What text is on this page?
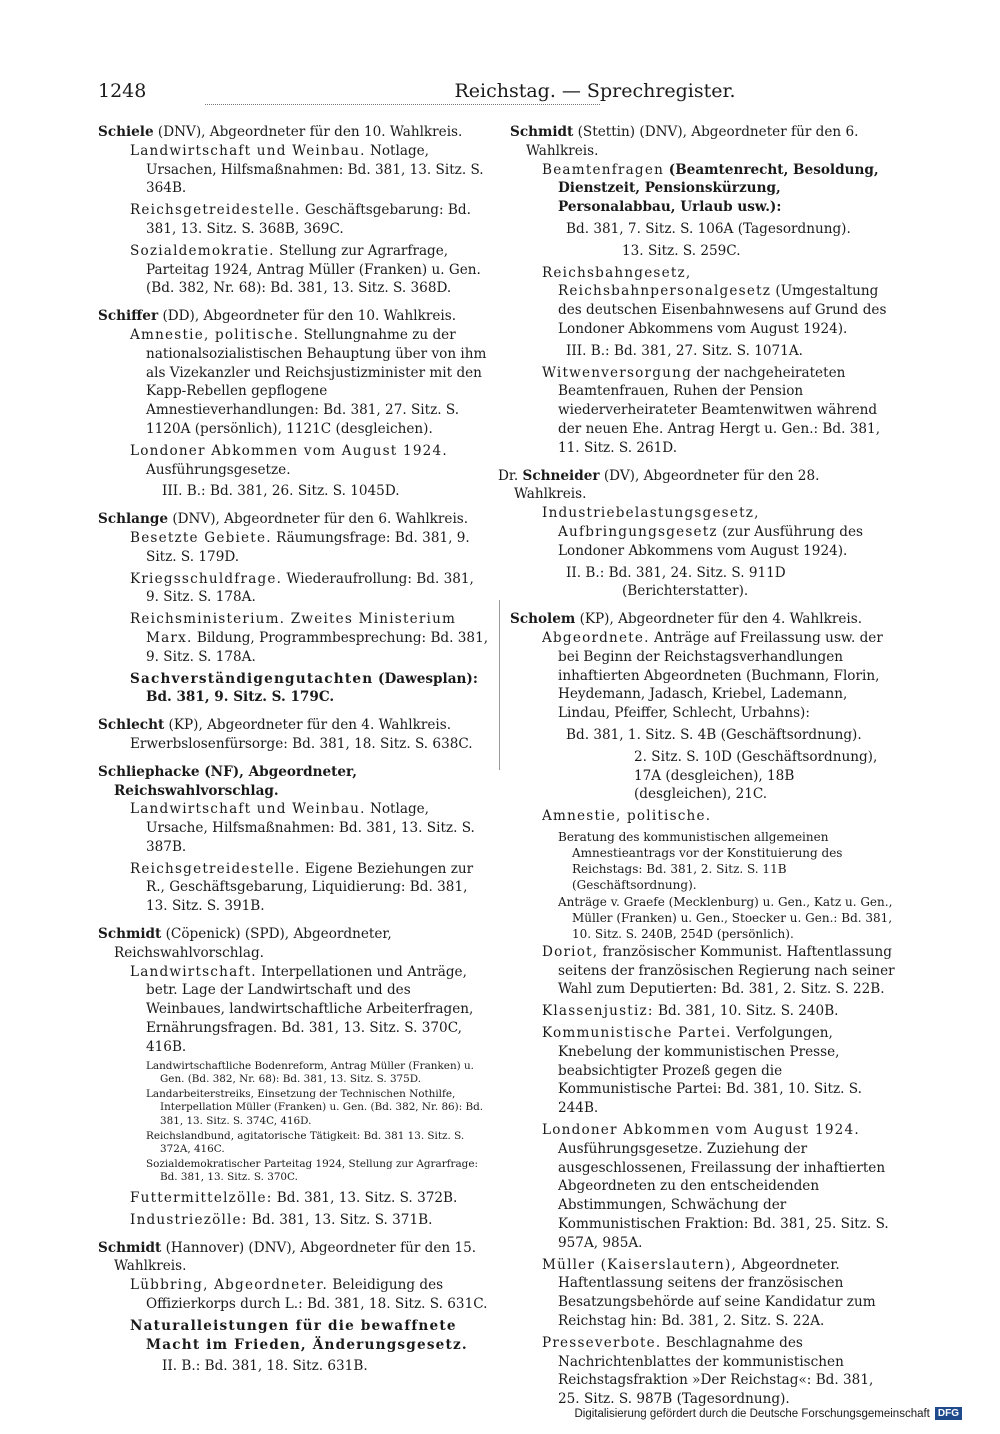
1248	Reichstag. — Sprechregister.

Schiele (DNV), Abgeordneter für den 10. Wahlkreis.

Landwirtschaft und Weinbau. Notlage, Ursachen, Hilfsmaßnahmen: Bd. 381, 13. Sitz. S. 364B.

Reichsgetreidestelle. Geschäftsgebarung: Bd. 381, 13. Sitz. S. 368B, 369C.

Sozialdemokratie. Stellung zur Agrarfrage, Parteitag 1924, Antrag Müller (Franken) u. Gen. (Bd. 382, Nr. 68): Bd. 381, 13. Sitz. S. 368D.

Schiffer (DD), Abgeordneter für den 10. Wahlkreis.

Amnestie, politische. Stellungnahme zu der nationalsozialistischen Behauptung über von ihm als Vizekanzler und Reichsjustizminister mit den Kapp-Rebellen gepflogene Amnestieverhandlungen: Bd. 381, 27. Sitz. S. 1120A (persönlich), 1121C (desgleichen).

Londoner Abkommen vom August 1924. Ausführungsgesetze.

III. B.: Bd. 381, 26. Sitz. S. 1045D.

Schlange (DNV), Abgeordneter für den 6. Wahlkreis.

Besetzte Gebiete. Räumungsfrage: Bd. 381, 9. Sitz. S. 179D.

Kriegsschuldfrage. Wiederaufrollung: Bd. 381, 9. Sitz. S. 178A.

Reichsministerium. Zweites Ministerium Marx. Bildung, Programmbesprechung: Bd. 381, 9. Sitz. S. 178A.

Sachverständigengutachten (Dawesplan): Bd. 381, 9. Sitz. S. 179C.

Schlecht (KP), Abgeordneter für den 4. Wahlkreis.

Erwerbslosenfürsorge: Bd. 381, 18. Sitz. S. 638C.

Schliephacke (NF), Abgeordneter, Reichswahlvorschlag.

Landwirtschaft und Weinbau. Notlage, Ursache, Hilfsmaßnahmen: Bd. 381, 13. Sitz. S. 387B.

Reichsgetreidestelle. Eigene Beziehungen zur R., Geschäftsgebarung, Liquidierung: Bd. 381, 13. Sitz. S. 391B.

Schmidt (Cöpenick) (SPD), Abgeordneter, Reichswahlvorschlag.

Landwirtschaft. Interpellationen und Anträge, betr. Lage der Landwirtschaft und des Weinbaues, landwirtschaftliche Arbeiterfragen, Ernährungsfragen. Bd. 381, 13. Sitz. S. 370C, 416B.

Landwirtschaftliche Bodenreform, Antrag Müller (Franken) u. Gen. (Bd. 382, Nr. 68): Bd. 381, 13. Sitz. S. 375D.

Landarbeiterstreiks, Einsetzung der Technischen Nothilfe, Interpellation Müller (Franken) u. Gen. (Bd. 382, Nr. 86): Bd. 381, 13. Sitz. S. 374C, 416D.

Reichslandbund, agitatorische Tätigkeit: Bd. 381 13. Sitz. S. 372A, 416C.

Sozialdemokratischer Parteitag 1924, Stellung zur Agrarfrage: Bd. 381, 13. Sitz. S. 370C.

Futtermittelzölle: Bd. 381, 13. Sitz. S. 372B.

Industriezölle: Bd. 381, 13. Sitz. S. 371B.

Schmidt (Hannover) (DNV), Abgeordneter für den 15. Wahlkreis.

Lübbring, Abgeordneter. Beleidigung des Offizierkorps durch L.: Bd. 381, 18. Sitz. S. 631C.

Naturalleistungen für die bewaffnete Macht im Frieden, Änderungsgesetz.

II. B.: Bd. 381, 18. Sitz. 631B.

Schmidt (Stettin) (DNV), Abgeordneter für den 6. Wahlkreis.

Beamtenfragen (Beamtenrecht, Besoldung, Dienstzeit, Pensionskürzung, Personalabbau, Urlaub usw.):

Bd. 381, 7. Sitz. S. 106A (Tagesordnung).

13. Sitz. S. 259C.

Reichsbahngesetz, Reichsbahnpersonalgesetz (Umgestaltung des deutschen Eisenbahnwesens auf Grund des Londoner Abkommens vom August 1924).

III. B.: Bd. 381, 27. Sitz. S. 1071A.

Witwenversorgung der nachgeheirateten Beamtenfrauen, Ruhen der Pension wiederverheirateter Beamtenwitwen während der neuen Ehe. Antrag Hergt u. Gen.: Bd. 381, 11. Sitz. S. 261D.

Dr. Schneider (DV), Abgeordneter für den 28. Wahlkreis.

Industriebelastungsgesetz, Aufbringungsgesetz (zur Ausführung des Londoner Abkommens vom August 1924).

II. B.: Bd. 381, 24. Sitz. S. 911D (Berichterstatter).

Scholem (KP), Abgeordneter für den 4. Wahlkreis.

Abgeordnete. Anträge auf Freilassung usw. der bei Beginn der Reichstagsverhandlungen inhaftierten Abgeordneten (Buchmann, Florin, Heydemann, Jadasch, Kriebel, Lademann, Lindau, Pfeiffer, Schlecht, Urbahns):

Bd. 381, 1. Sitz. S. 4B (Geschäftsordnung).

2. Sitz. S. 10D (Geschäftsordnung), 17A (desgleichen), 18B (desgleichen), 21C.

Amnestie, politische.

Beratung des kommunistischen allgemeinen Amnestieantrags vor der Konstituierung des Reichstags: Bd. 381, 2. Sitz. S. 11B (Geschäftsordnung).

Anträge v. Graefe (Mecklenburg) u. Gen., Katz u. Gen., Müller (Franken) u. Gen., Stoecker u. Gen.: Bd. 381, 10. Sitz. S. 240B, 254D (persönlich).

Doriot, französischer Kommunist. Haftentlassung seitens der französischen Regierung nach seiner Wahl zum Deputierten: Bd. 381, 2. Sitz. S. 22B.

Klassenjustiz: Bd. 381, 10. Sitz. S. 240B.

Kommunistische Partei. Verfolgungen, Knebelung der kommunistischen Presse, beabsichtigter Prozeß gegen die Kommunistische Partei: Bd. 381, 10. Sitz. S. 244B.

Londoner Abkommen vom August 1924. Ausführungsgesetze. Zuziehung der ausgeschlossenen, Freilassung der inhaftierten Abgeordneten zu den entscheidenden Abstimmungen, Schwächung der Kommunistischen Fraktion: Bd. 381, 25. Sitz. S. 957A, 985A.

Müller (Kaiserslautern), Abgeordneter. Haftentlassung seitens der französischen Besatzungsbehörde auf seine Kandidatur zum Reichstag hin: Bd. 381, 2. Sitz. S. 22A.

Presseverbote. Beschlagnahme des Nachrichtenblattes der kommunistischen Reichstagsfraktion »Der Reichstag«: Bd. 381, 25. Sitz. S. 987B (Tagesordnung).

Digitalisierung gefördert durch die Deutsche Forschungsgemeinschaft DFG
